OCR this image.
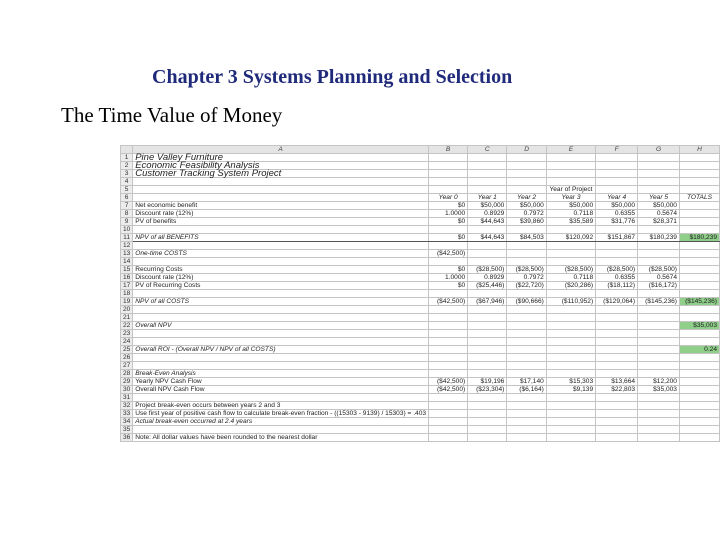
Chapter 3 Systems Planning and Selection
The Time Value of Money
	A	B	C	D	E	F	G	H
1	Pine Valley Furniture							
2	Economic Feasibility Analysis							
3	Customer Tracking System Project							
4								
5					Year of Project			
6		Year 0	Year 1	Year 2	Year 3	Year 4	Year 5	TOTALS
7	Net economic benefit	$0	$50,000	$50,000	$50,000	$50,000	$50,000	
8	Discount rate (12%)	1.0000	0.8929	0.7972	0.7118	0.6355	0.5674	
9	PV of benefits	$0	$44,643	$39,860	$35,589	$31,776	$28,371	
10								
11	NPV of all BENEFITS	$0	$44,643	$84,503	$120,092	$151,867	$180,239	$180,239
12								
13	One-time COSTS	($42,500)						
14								
15	Recurring Costs	$0	($28,500)	($28,500)	($28,500)	($28,500)	($28,500)	
16	Discount rate (12%)	1.0000	0.8929	0.7972	0.7118	0.6355	0.5674	
17	PV of Recurring Costs	$0	($25,446)	($22,720)	($20,286)	($18,112)	($16,172)	
18								
19	NPV of all COSTS	($42,500)	($67,946)	($90,666)	($110,952)	($129,064)	($145,236)	($145,236)
20								
21								
22	Overall NPV							$35,003
23								
24								
25	Overall ROI - (Overall NPV / NPV of all COSTS)							0.24
26								
27								
28	Break-Even Analysis							
29	Yearly NPV Cash Flow	($42,500)	$19,196	$17,140	$15,303	$13,664	$12,200	
30	Overall NPV Cash Flow	($42,500)	($23,304)	($6,164)	$9,139	$22,803	$35,003	
31								
32	Project break-even occurs between years 2 and 3							
33	Use first year of positive cash flow to calculate break-even fraction - ((15303 - 9139) / 15303) = .403							
34	Actual break-even occurred at 2.4 years							
35								
36	Note: All dollar values have been rounded to the nearest dollar							
